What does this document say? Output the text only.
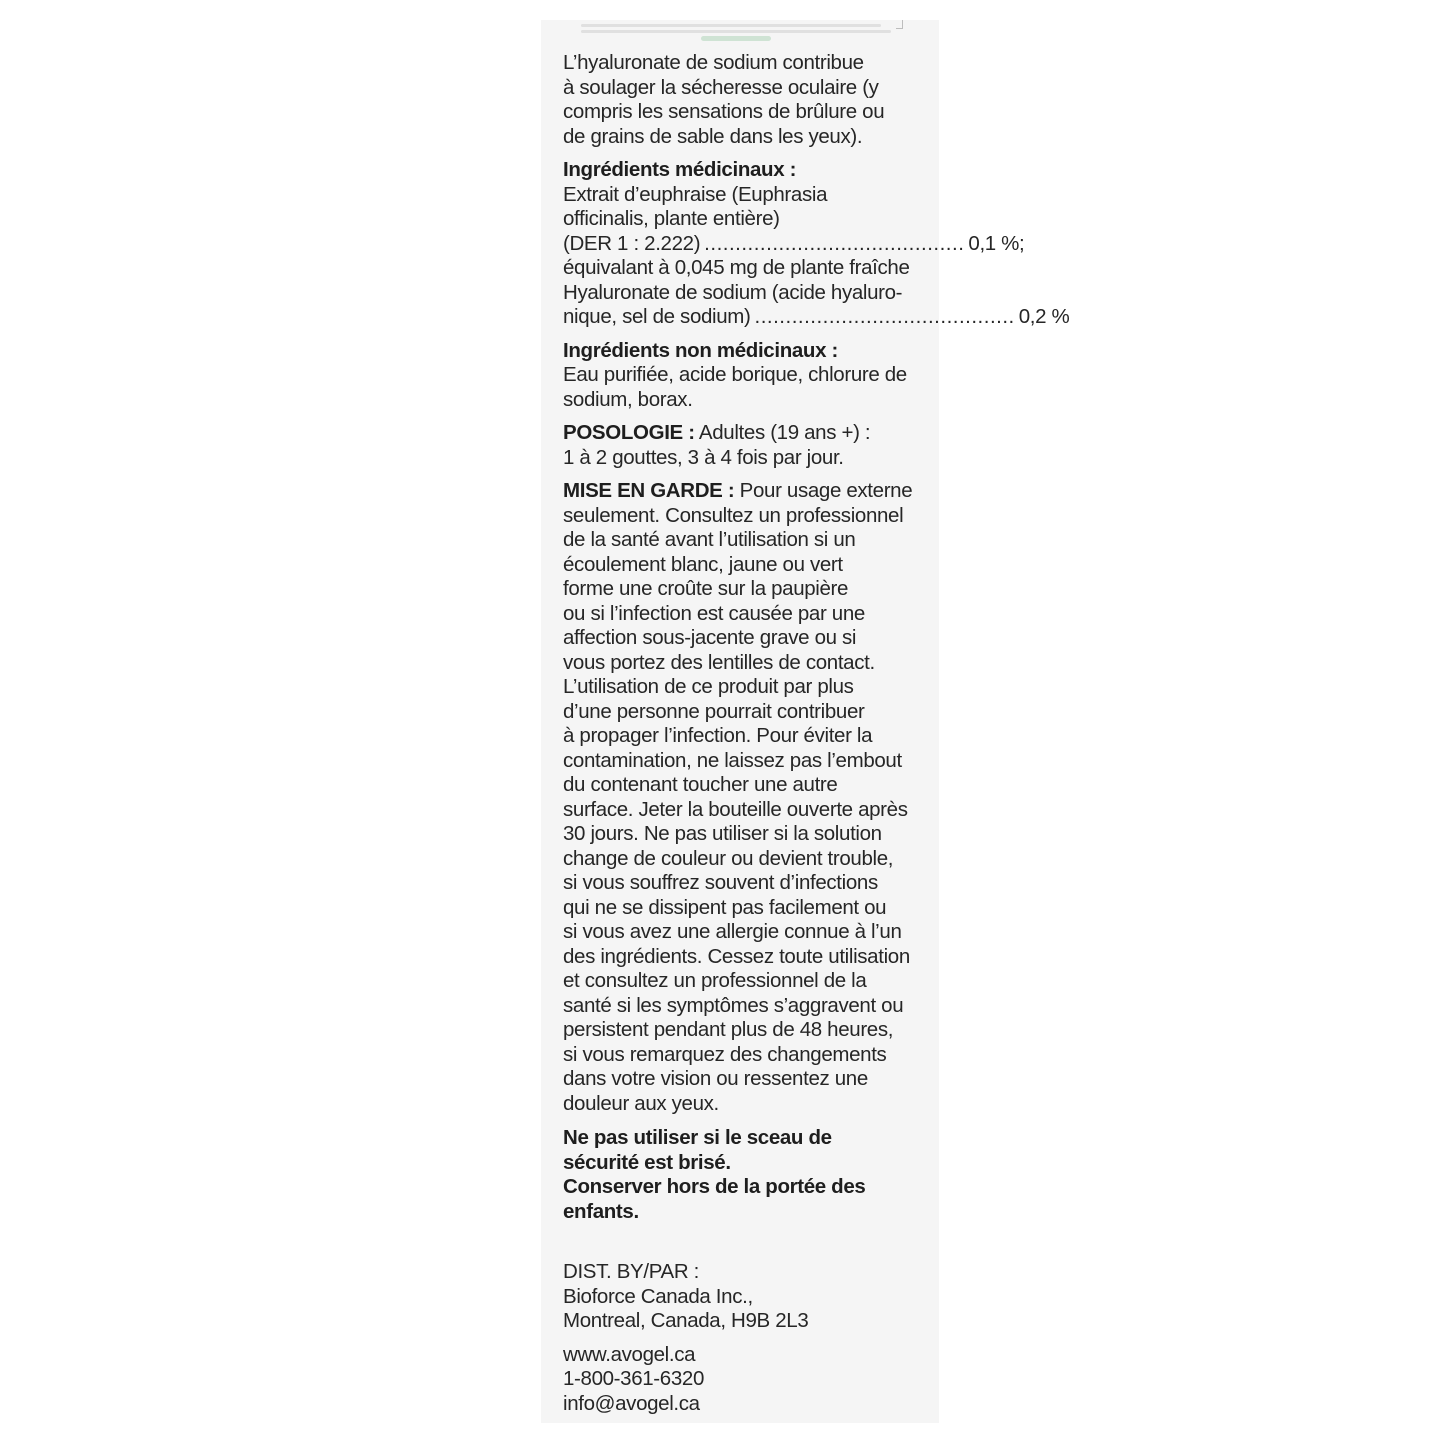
L’hyaluronate de sodium contribue
à soulager la sécheresse oculaire (y
compris les sensations de brûlure ou
de grains de sable dans les yeux).
Ingrédients médicinaux :
Extrait d’euphraise (Euphrasia
officinalis, plante entière)
(DER 1 : 2.222) .......................................... 0,1 %;
équivalant à 0,045 mg de plante fraîche
Hyaluronate de sodium (acide hyaluro-
nique, sel de sodium) .......................................... 0,2 %
Ingrédients non médicinaux :
Eau purifiée, acide borique, chlorure de
sodium, borax.
POSOLOGIE : Adultes (19 ans +) :
1 à 2 gouttes, 3 à 4 fois par jour.
MISE EN GARDE : Pour usage externe
seulement. Consultez un professionnel
de la santé avant l’utilisation si un
écoulement blanc, jaune ou vert
forme une croûte sur la paupière
ou si l’infection est causée par une
affection sous-jacente grave ou si
vous portez des lentilles de contact.
L’utilisation de ce produit par plus
d’une personne pourrait contribuer
à propager l’infection. Pour éviter la
contamination, ne laissez pas l’embout
du contenant toucher une autre
surface. Jeter la bouteille ouverte après
30 jours. Ne pas utiliser si la solution
change de couleur ou devient trouble,
si vous souffrez souvent d’infections
qui ne se dissipent pas facilement ou
si vous avez une allergie connue à l’un
des ingrédients. Cessez toute utilisation
et consultez un professionnel de la
santé si les symptômes s’aggravent ou
persistent pendant plus de 48 heures,
si vous remarquez des changements
dans votre vision ou ressentez une
douleur aux yeux.
Ne pas utiliser si le sceau de
sécurité est brisé.
Conserver hors de la portée des
enfants.
DIST. BY/PAR :
Bioforce Canada Inc.,
Montreal, Canada, H9B 2L3
www.avogel.ca
1-800-361-6320
info@avogel.ca
